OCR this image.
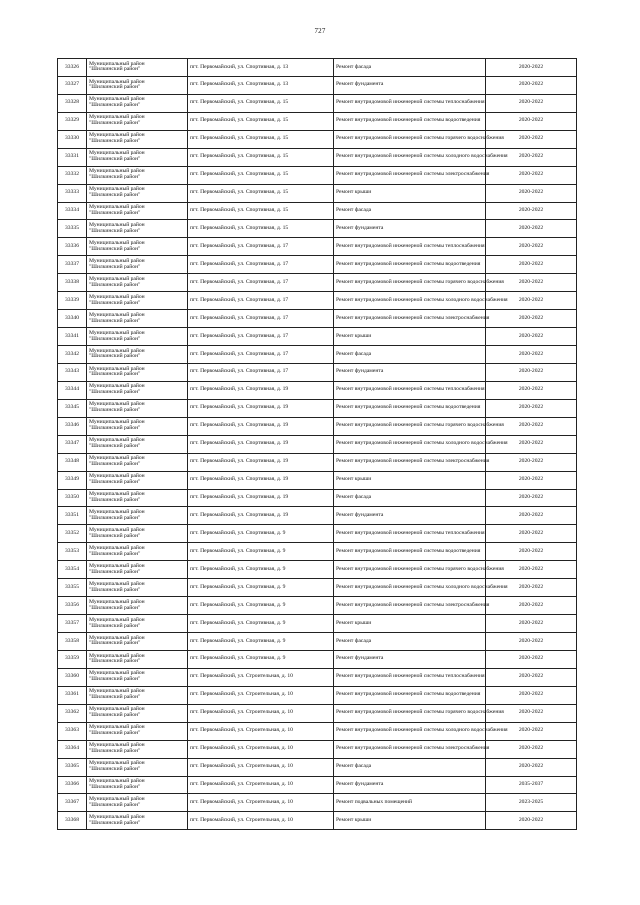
727
33326	Муниципальный район
"Шилкинский район"	пгт. Первомайский, ул. Спортивная, д. 13	Ремонт фасада	2020-2022
33327	Муниципальный район
"Шилкинский район"	пгт. Первомайский, ул. Спортивная, д. 13	Ремонт фундамента	2020-2022
33328	Муниципальный район
"Шилкинский район"	пгт. Первомайский, ул. Спортивная, д. 15	Ремонт внутридомовой инженерной системы теплоснабжения	2020-2022
33329	Муниципальный район
"Шилкинский район"	пгт. Первомайский, ул. Спортивная, д. 15	Ремонт внутридомовой инженерной системы водоотведения	2020-2022
33330	Муниципальный район
"Шилкинский район"	пгт. Первомайский, ул. Спортивная, д. 15	Ремонт внутридомовой инженерной системы горячего водоснабжения	2020-2022
33331	Муниципальный район
"Шилкинский район"	пгт. Первомайский, ул. Спортивная, д. 15	Ремонт внутридомовой инженерной системы холодного водоснабжения	2020-2022
33332	Муниципальный район
"Шилкинский район"	пгт. Первомайский, ул. Спортивная, д. 15	Ремонт внутридомовой инженерной системы электроснабжения	2020-2022
33333	Муниципальный район
"Шилкинский район"	пгт. Первомайский, ул. Спортивная, д. 15	Ремонт крыши	2020-2022
33334	Муниципальный район
"Шилкинский район"	пгт. Первомайский, ул. Спортивная, д. 15	Ремонт фасада	2020-2022
33335	Муниципальный район
"Шилкинский район"	пгт. Первомайский, ул. Спортивная, д. 15	Ремонт фундамента	2020-2022
33336	Муниципальный район
"Шилкинский район"	пгт. Первомайский, ул. Спортивная, д. 17	Ремонт внутридомовой инженерной системы теплоснабжения	2020-2022
33337	Муниципальный район
"Шилкинский район"	пгт. Первомайский, ул. Спортивная, д. 17	Ремонт внутридомовой инженерной системы водоотведения	2020-2022
33338	Муниципальный район
"Шилкинский район"	пгт. Первомайский, ул. Спортивная, д. 17	Ремонт внутридомовой инженерной системы горячего водоснабжения	2020-2022
33339	Муниципальный район
"Шилкинский район"	пгт. Первомайский, ул. Спортивная, д. 17	Ремонт внутридомовой инженерной системы холодного водоснабжения	2020-2022
33340	Муниципальный район
"Шилкинский район"	пгт. Первомайский, ул. Спортивная, д. 17	Ремонт внутридомовой инженерной системы электроснабжения	2020-2022
33341	Муниципальный район
"Шилкинский район"	пгт. Первомайский, ул. Спортивная, д. 17	Ремонт крыши	2020-2022
33342	Муниципальный район
"Шилкинский район"	пгт. Первомайский, ул. Спортивная, д. 17	Ремонт фасада	2020-2022
33343	Муниципальный район
"Шилкинский район"	пгт. Первомайский, ул. Спортивная, д. 17	Ремонт фундамента	2020-2022
33344	Муниципальный район
"Шилкинский район"	пгт. Первомайский, ул. Спортивная, д. 19	Ремонт внутридомовой инженерной системы теплоснабжения	2020-2022
33345	Муниципальный район
"Шилкинский район"	пгт. Первомайский, ул. Спортивная, д. 19	Ремонт внутридомовой инженерной системы водоотведения	2020-2022
33346	Муниципальный район
"Шилкинский район"	пгт. Первомайский, ул. Спортивная, д. 19	Ремонт внутридомовой инженерной системы горячего водоснабжения	2020-2022
33347	Муниципальный район
"Шилкинский район"	пгт. Первомайский, ул. Спортивная, д. 19	Ремонт внутридомовой инженерной системы холодного водоснабжения	2020-2022
33348	Муниципальный район
"Шилкинский район"	пгт. Первомайский, ул. Спортивная, д. 19	Ремонт внутридомовой инженерной системы электроснабжения	2020-2022
33349	Муниципальный район
"Шилкинский район"	пгт. Первомайский, ул. Спортивная, д. 19	Ремонт крыши	2020-2022
33350	Муниципальный район
"Шилкинский район"	пгт. Первомайский, ул. Спортивная, д. 19	Ремонт фасада	2020-2022
33351	Муниципальный район
"Шилкинский район"	пгт. Первомайский, ул. Спортивная, д. 19	Ремонт фундамента	2020-2022
33352	Муниципальный район
"Шилкинский район"	пгт. Первомайский, ул. Спортивная, д. 9	Ремонт внутридомовой инженерной системы теплоснабжения	2020-2022
33353	Муниципальный район
"Шилкинский район"	пгт. Первомайский, ул. Спортивная, д. 9	Ремонт внутридомовой инженерной системы водоотведения	2020-2022
33354	Муниципальный район
"Шилкинский район"	пгт. Первомайский, ул. Спортивная, д. 9	Ремонт внутридомовой инженерной системы горячего водоснабжения	2020-2022
33355	Муниципальный район
"Шилкинский район"	пгт. Первомайский, ул. Спортивная, д. 9	Ремонт внутридомовой инженерной системы холодного водоснабжения	2020-2022
33356	Муниципальный район
"Шилкинский район"	пгт. Первомайский, ул. Спортивная, д. 9	Ремонт внутридомовой инженерной системы электроснабжения	2020-2022
33357	Муниципальный район
"Шилкинский район"	пгт. Первомайский, ул. Спортивная, д. 9	Ремонт крыши	2020-2022
33358	Муниципальный район
"Шилкинский район"	пгт. Первомайский, ул. Спортивная, д. 9	Ремонт фасада	2020-2022
33359	Муниципальный район
"Шилкинский район"	пгт. Первомайский, ул. Спортивная, д. 9	Ремонт фундамента	2020-2022
33360	Муниципальный район
"Шилкинский район"	пгт. Первомайский, ул. Строительная, д. 10	Ремонт внутридомовой инженерной системы теплоснабжения	2020-2022
33361	Муниципальный район
"Шилкинский район"	пгт. Первомайский, ул. Строительная, д. 10	Ремонт внутридомовой инженерной системы водоотведения	2020-2022
33362	Муниципальный район
"Шилкинский район"	пгт. Первомайский, ул. Строительная, д. 10	Ремонт внутридомовой инженерной системы горячего водоснабжения	2020-2022
33363	Муниципальный район
"Шилкинский район"	пгт. Первомайский, ул. Строительная, д. 10	Ремонт внутридомовой инженерной системы холодного водоснабжения	2020-2022
33364	Муниципальный район
"Шилкинский район"	пгт. Первомайский, ул. Строительная, д. 10	Ремонт внутридомовой инженерной системы электроснабжения	2020-2022
33365	Муниципальный район
"Шилкинский район"	пгт. Первомайский, ул. Строительная, д. 10	Ремонт фасада	2020-2022
33366	Муниципальный район
"Шилкинский район"	пгт. Первомайский, ул. Строительная, д. 10	Ремонт фундамента	2035-2037
33367	Муниципальный район
"Шилкинский район"	пгт. Первомайский, ул. Строительная, д. 10	Ремонт подвальных помещений	2023-2025
33368	Муниципальный район
"Шилкинский район"	пгт. Первомайский, ул. Строительная, д. 10	Ремонт крыши	2020-2022
